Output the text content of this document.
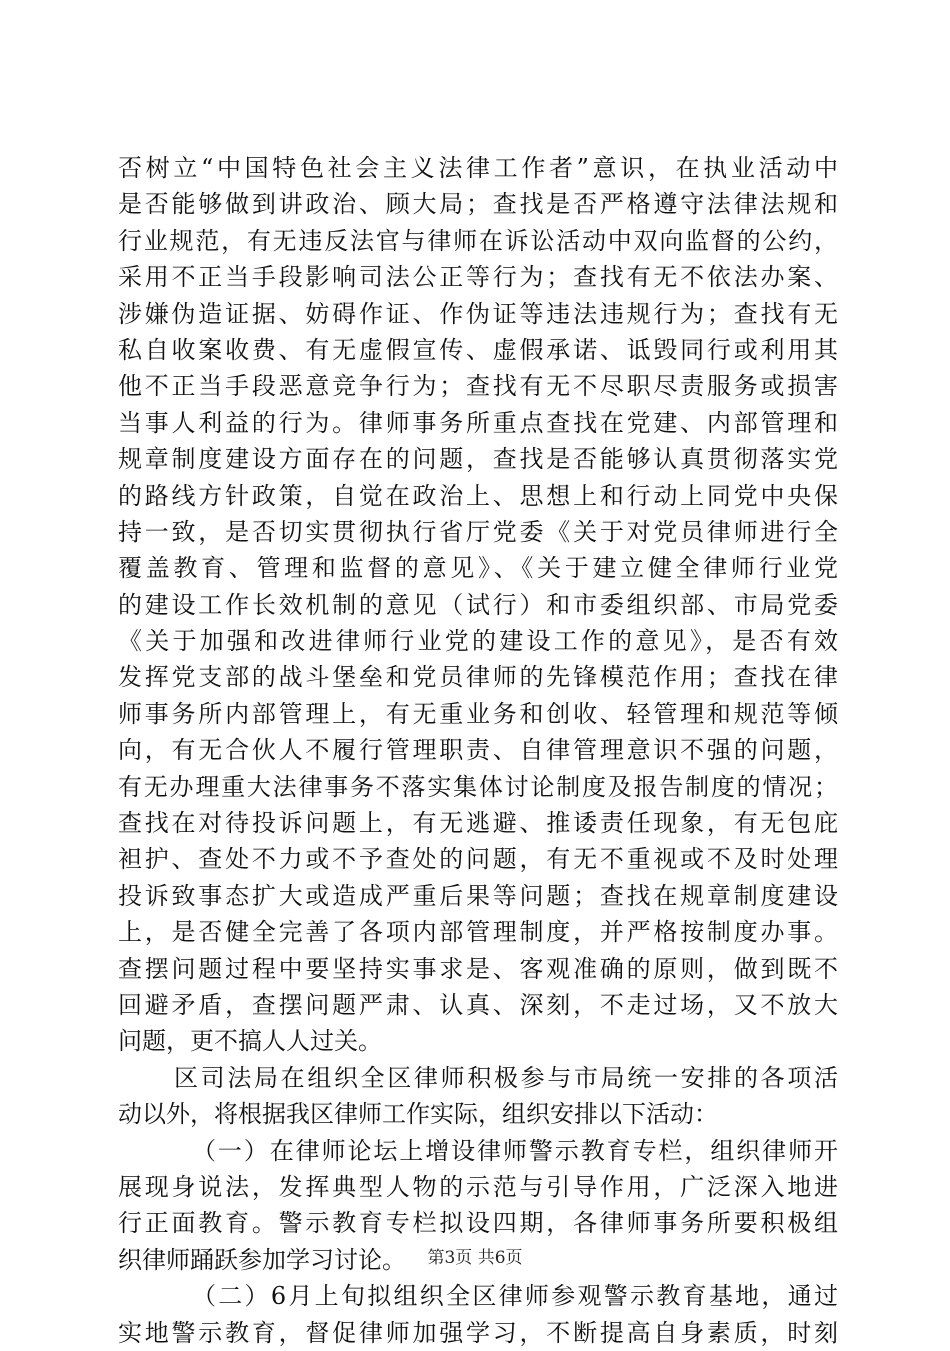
否树立“中国特色社会主义法律工作者”意识，在执业活动中
是否能够做到讲政治、顾大局；查找是否严格遵守法律法规和
行业规范，有无违反法官与律师在诉讼活动中双向监督的公约，
采用不正当手段影响司法公正等行为；查找有无不依法办案、
涉嫌伪造证据、妨碍作证、作伪证等违法违规行为；查找有无
私自收案收费、有无虚假宣传、虚假承诺、诋毁同行或利用其
他不正当手段恶意竞争行为；查找有无不尽职尽责服务或损害
当事人利益的行为。律师事务所重点查找在党建、内部管理和
规章制度建设方面存在的问题，查找是否能够认真贯彻落实党
的路线方针政策，自觉在政治上、思想上和行动上同党中央保
持一致，是否切实贯彻执行省厅党委《关于对党员律师进行全
覆盖教育、管理和监督的意见》、《关于建立健全律师行业党
的建设工作长效机制的意见（试行）和市委组织部、市局党委
《关于加强和改进律师行业党的建设工作的意见》，是否有效
发挥党支部的战斗堡垒和党员律师的先锋模范作用；查找在律
师事务所内部管理上，有无重业务和创收、轻管理和规范等倾
向，有无合伙人不履行管理职责、自律管理意识不强的问题，
有无办理重大法律事务不落实集体讨论制度及报告制度的情况；
查找在对待投诉问题上，有无逃避、推诿责任现象，有无包庇
袒护、查处不力或不予查处的问题，有无不重视或不及时处理
投诉致事态扩大或造成严重后果等问题；查找在规章制度建设
上，是否健全完善了各项内部管理制度，并严格按制度办事。
查摆问题过程中要坚持实事求是、客观准确的原则，做到既不
回避矛盾，查摆问题严肃、认真、深刻，不走过场，又不放大
问题，更不搞人人过关。
区司法局在组织全区律师积极参与市局统一安排的各项活
动以外，将根据我区律师工作实际，组织安排以下活动：
（一）在律师论坛上增设律师警示教育专栏，组织律师开
展现身说法，发挥典型人物的示范与引导作用，广泛深入地进
行正面教育。警示教育专栏拟设四期，各律师事务所要积极组
织律师踊跃参加学习讨论。
（二）6月上旬拟组织全区律师参观警示教育基地，通过
实地警示教育，督促律师加强学习，不断提高自身素质，时刻
第3页 共6页
